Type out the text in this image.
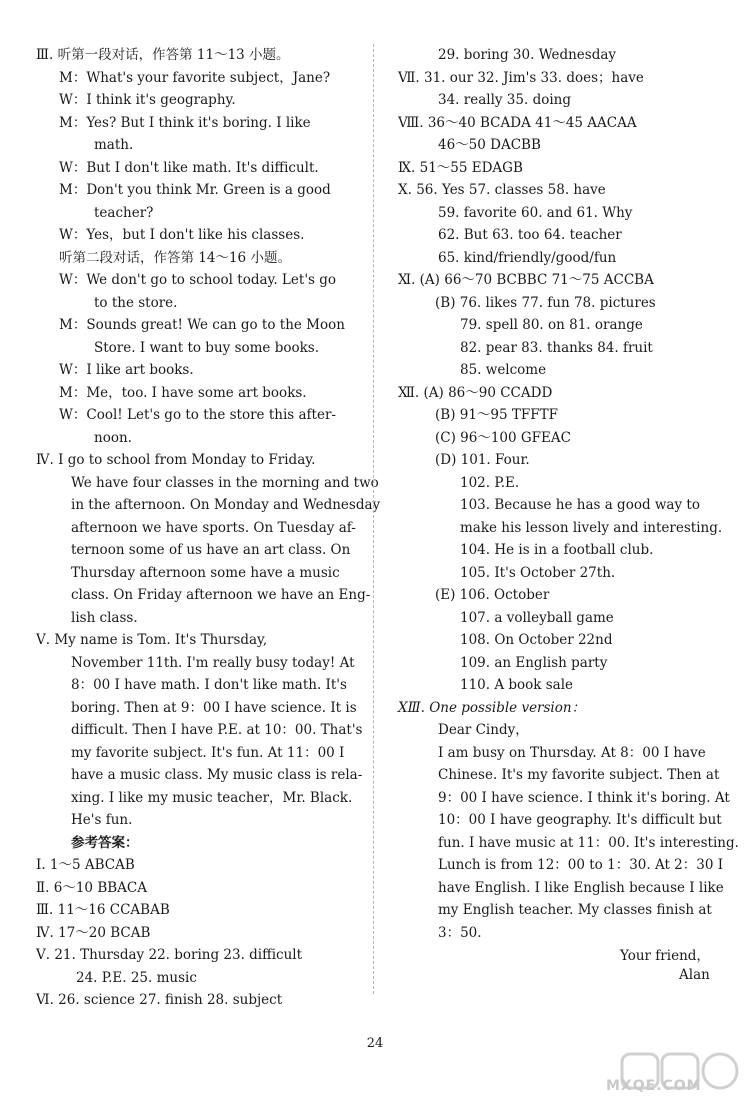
Ⅲ. 听第一段对话，作答第 11～13 小题。
M：What's your favorite subject，Jane?
W：I think it's geography.
M：Yes? But I think it's boring. I like
math.
W：But I don't like math. It's difficult.
M：Don't you think Mr. Green is a good
teacher?
W：Yes，but I don't like his classes.
听第二段对话，作答第 14～16 小题。
W：We don't go to school today. Let's go
to the store.
M：Sounds great! We can go to the Moon
Store. I want to buy some books.
W：I like art books.
M：Me，too. I have some art books.
W：Cool! Let's go to the store this after-
noon.
Ⅳ. I go to school from Monday to Friday.
We have four classes in the morning and two
in the afternoon. On Monday and Wednesday
afternoon we have sports. On Tuesday af-
ternoon some of us have an art class. On
Thursday afternoon some have a music
class. On Friday afternoon we have an Eng-
lish class.
Ⅴ. My name is Tom. It's Thursday,
November 11th. I'm really busy today! At
8：00 I have math. I don't like math. It's
boring. Then at 9：00 I have science. It is
difficult. Then I have P.E. at 10：00. That's
my favorite subject. It's fun. At 11：00 I
have a music class. My music class is rela-
xing. I like my music teacher，Mr. Black.
He's fun.
参考答案：
Ⅰ. 1～5 ABCAB
Ⅱ. 6～10 BBACA
Ⅲ. 11～16 CCABAB
Ⅳ. 17～20 BCAB
Ⅴ. 21. Thursday 22. boring 23. difficult
24. P.E. 25. music
Ⅵ. 26. science 27. finish 28. subject
29. boring 30. Wednesday
Ⅶ. 31. our 32. Jim's 33. does；have
34. really 35. doing
Ⅷ. 36～40 BCADA 41～45 AACAA
46～50 DACBB
Ⅸ. 51～55 EDAGB
Ⅹ. 56. Yes 57. classes 58. have
59. favorite 60. and 61. Why
62. But 63. too 64. teacher
65. kind/friendly/good/fun
Ⅺ. (A) 66～70 BCBBC 71～75 ACCBA
(B) 76. likes 77. fun 78. pictures
79. spell 80. on 81. orange
82. pear 83. thanks 84. fruit
85. welcome
Ⅻ. (A) 86～90 CCADD
(B) 91～95 TFFTF
(C) 96～100 GFEAC
(D) 101. Four.
102. P.E.
103. Because he has a good way to
make his lesson lively and interesting.
104. He is in a football club.
105. It's October 27th.
(E) 106. October
107. a volleyball game
108. On October 22nd
109. an English party
110. A book sale
XⅢ. One possible version：
Dear Cindy，
I am busy on Thursday. At 8：00 I have
Chinese. It's my favorite subject. Then at
9：00 I have science. I think it's boring. At
10：00 I have geography. It's difficult but
fun. I have music at 11：00. It's interesting.
Lunch is from 12：00 to 1：30. At 2：30 I
have English. I like English because I like
my English teacher. My classes finish at
3：50.
Your friend，
Alan
24
MXQE.COM
